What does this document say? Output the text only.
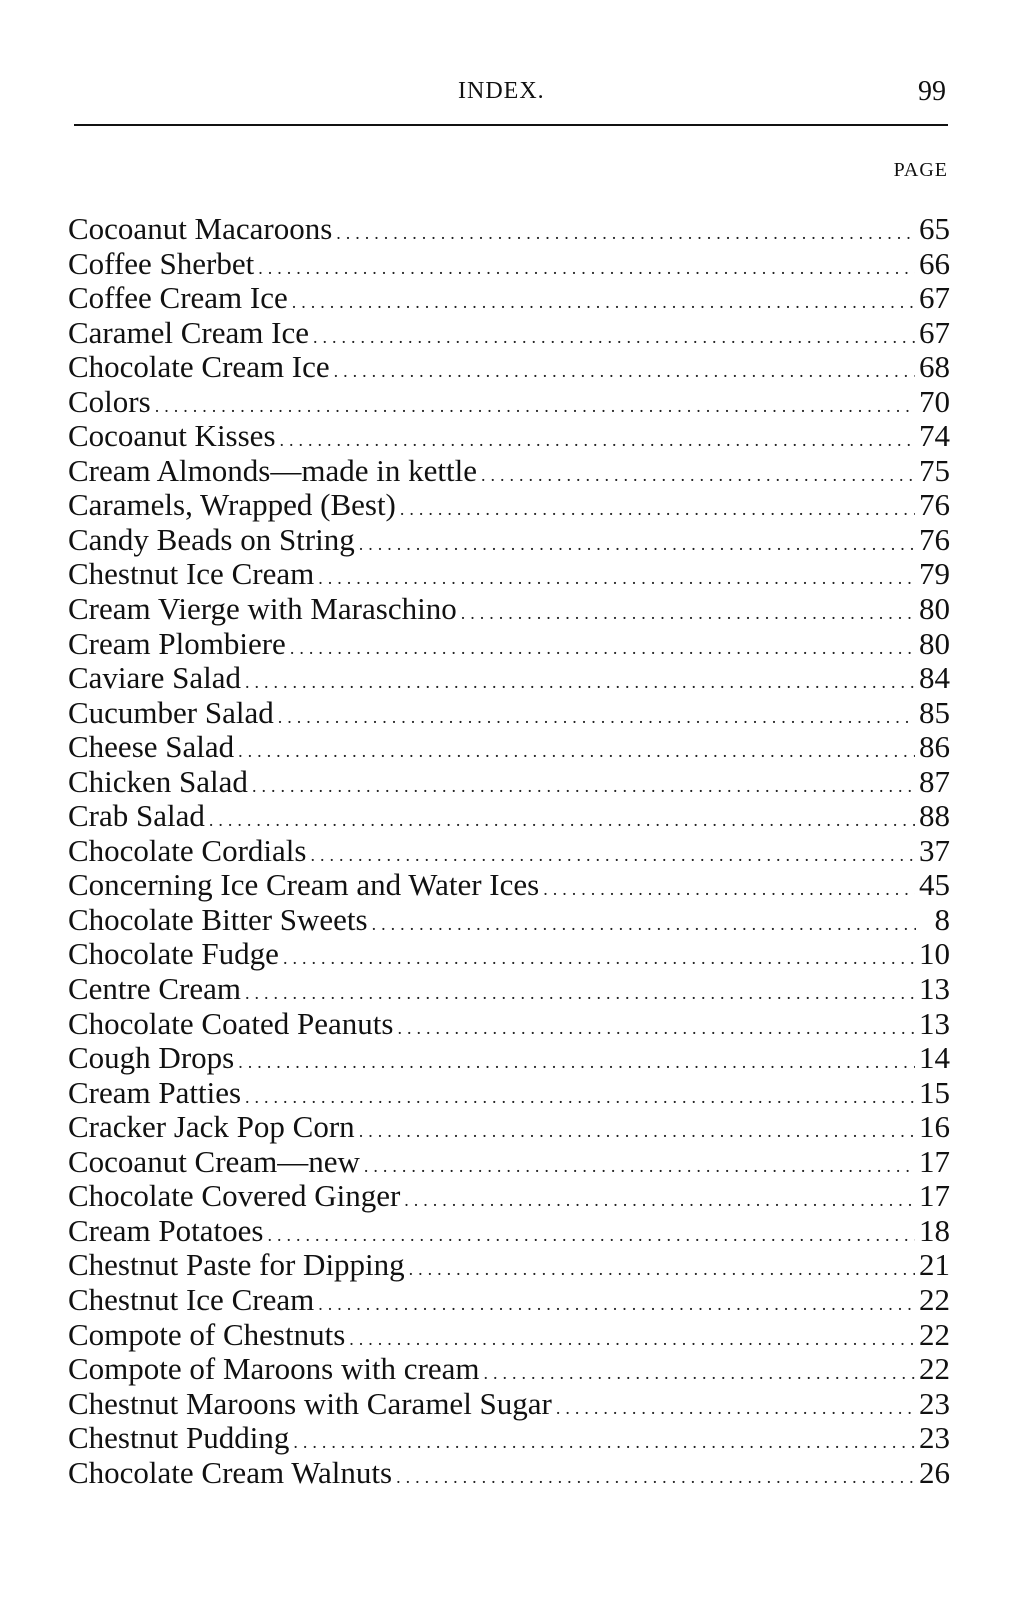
INDEX.	99
PAGE
Cocoanut Macaroons .....	65
Coffee Sherbet .....	66
Coffee Cream Ice .....	67
Caramel Cream Ice .....	67
Chocolate Cream Ice .....	68
Colors .....	70
Cocoanut Kisses .....	74
Cream Almonds—made in kettle .....	75
Caramels, Wrapped (Best) .....	76
Candy Beads on String .....	76
Chestnut Ice Cream .....	79
Cream Vierge with Maraschino .....	80
Cream Plombiere .....	80
Caviare Salad .....	84
Cucumber Salad .....	85
Cheese Salad .....	86
Chicken Salad .....	87
Crab Salad .....	88
Chocolate Cordials .....	37
Concerning Ice Cream and Water Ices .....	45
Chocolate Bitter Sweets .....	8
Chocolate Fudge .....	10
Centre Cream .....	13
Chocolate Coated Peanuts .....	13
Cough Drops .....	14
Cream Patties .....	15
Cracker Jack Pop Corn .....	16
Cocoanut Cream—new .....	17
Chocolate Covered Ginger .....	17
Cream Potatoes .....	18
Chestnut Paste for Dipping .....	21
Chestnut Ice Cream .....	22
Compote of Chestnuts .....	22
Compote of Maroons with cream .....	22
Chestnut Maroons with Caramel Sugar .....	23
Chestnut Pudding .....	23
Chocolate Cream Walnuts .....	26
